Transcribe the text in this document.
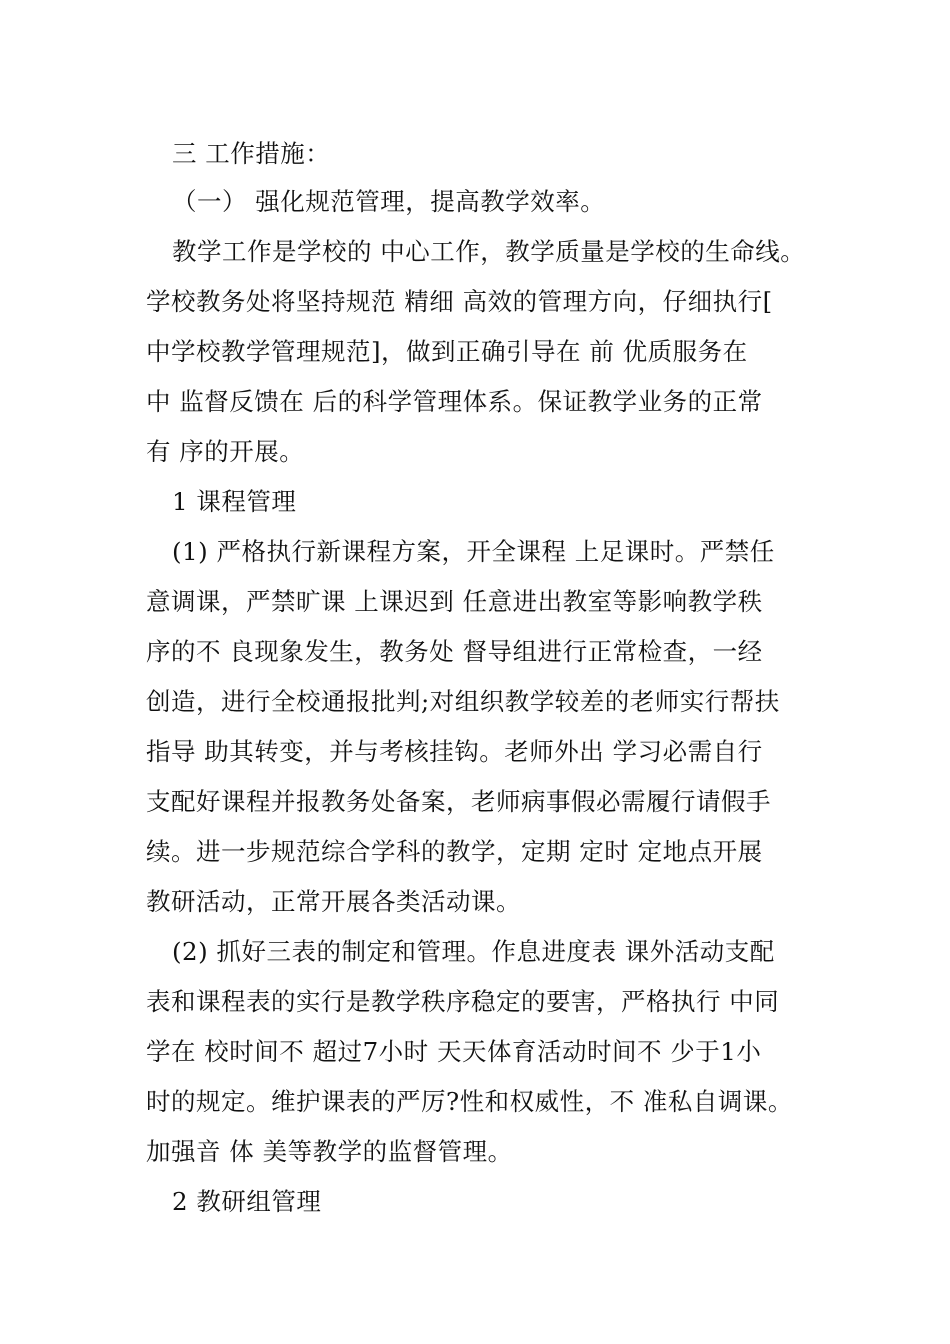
三 工作措施：
（一） 强化规范管理，提高教学效率。
教学工作是学校的 中心工作，教学质量是学校的生命线。
学校教务处将坚持规范 精细 高效的管理方向，仔细执行[
中学校教学管理规范]，做到正确引导在 前 优质服务在
中 监督反馈在 后的科学管理体系。保证教学业务的正常
有 序的开展。
1 课程管理
(1) 严格执行新课程方案，开全课程 上足课时。严禁任
意调课，严禁旷课 上课迟到 任意进出教室等影响教学秩
序的不 良现象发生，教务处 督导组进行正常检查，一经
创造，进行全校通报批判;对组织教学较差的老师实行帮扶
指导 助其转变，并与考核挂钩。老师外出 学习必需自行
支配好课程并报教务处备案，老师病事假必需履行请假手
续。进一步规范综合学科的教学，定期 定时 定地点开展
教研活动，正常开展各类活动课。
(2) 抓好三表的制定和管理。作息进度表 课外活动支配
表和课程表的实行是教学秩序稳定的要害，严格执行 中同
学在 校时间不 超过7小时 天天体育活动时间不 少于1小
时的规定。维护课表的严厉?性和权威性，不 准私自调课。
加强音 体 美等教学的监督管理。
2 教研组管理
